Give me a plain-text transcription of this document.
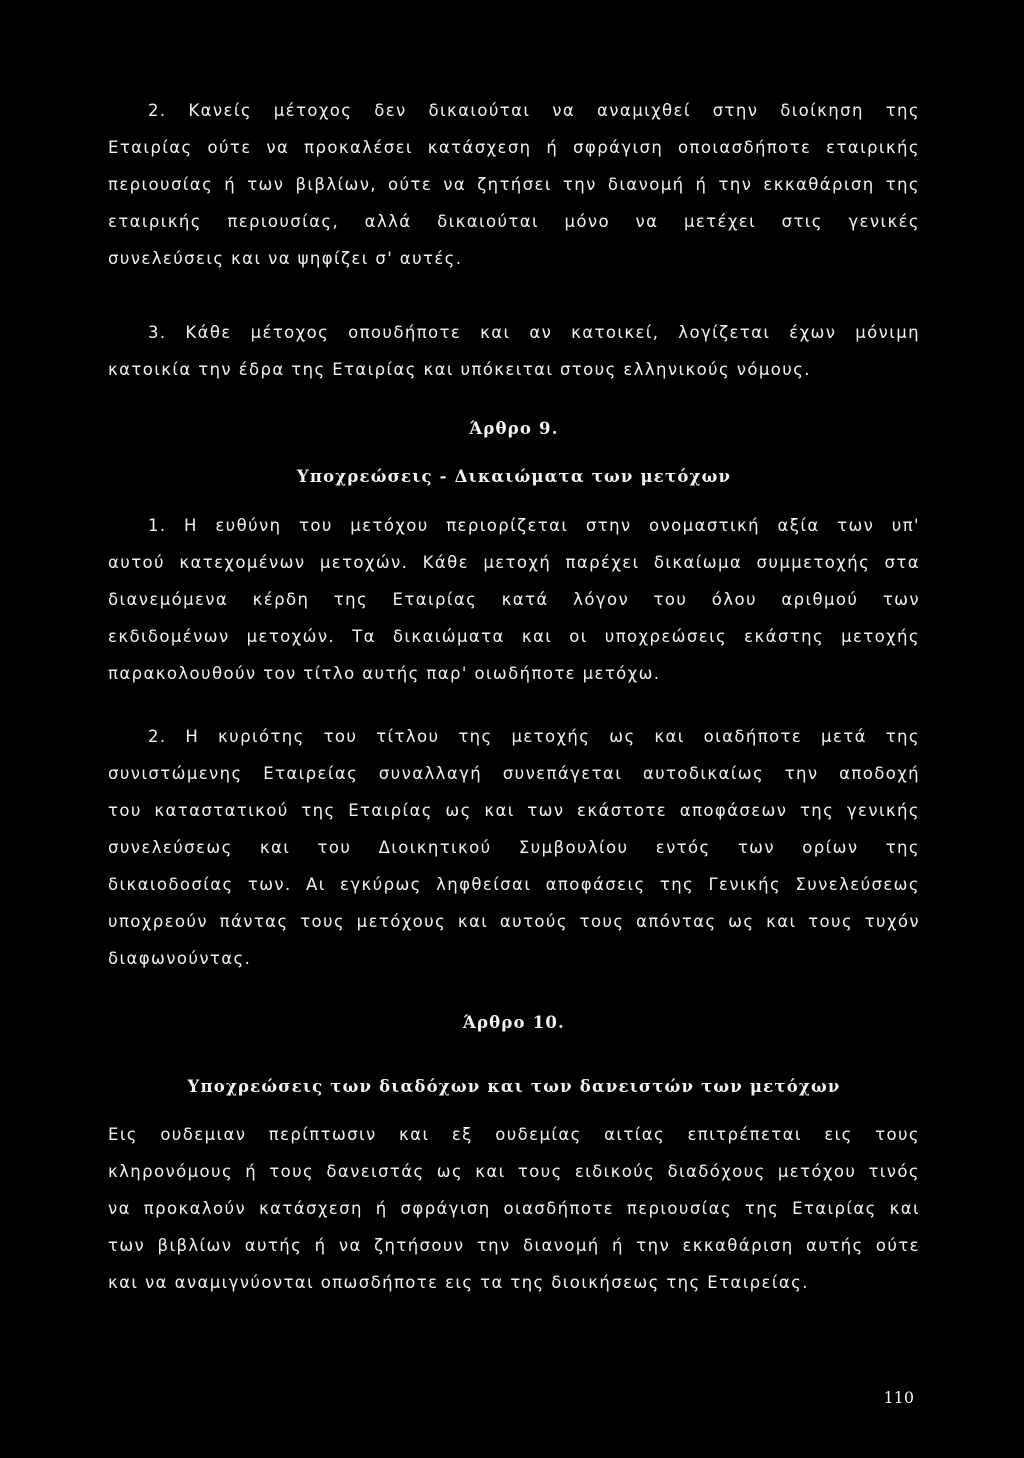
2. Κανείς μέτοχος δεν δικαιούται να αναμιχθεί στην διοίκηση της
Εταιρίας ούτε να προκαλέσει κατάσχεση ή σφράγιση οποιασδήποτε εταιρικής
περιουσίας ή των βιβλίων, ούτε να ζητήσει την διανομή ή την εκκαθάριση της
εταιρικής περιουσίας, αλλά δικαιούται μόνο να μετέχει στις γενικές
συνελεύσεις και να ψηφίζει σ' αυτές.
3. Κάθε μέτοχος οπουδήποτε και αν κατοικεί, λογίζεται έχων μόνιμη
κατοικία την έδρα της Εταιρίας και υπόκειται στους ελληνικούς νόμους.
Άρθρο 9.
Υποχρεώσεις - Δικαιώματα των μετόχων
1. Η ευθύνη του μετόχου περιορίζεται στην ονομαστική αξία των υπ'
αυτού κατεχομένων μετοχών. Κάθε μετοχή παρέχει δικαίωμα συμμετοχής στα
διανεμόμενα κέρδη της Εταιρίας κατά λόγον του όλου αριθμού των
εκδιδομένων μετοχών. Τα δικαιώματα και οι υποχρεώσεις εκάστης μετοχής
παρακολουθούν τον τίτλο αυτής παρ' οιωδήποτε μετόχω.
2. Η κυριότης του τίτλου της μετοχής ως και οιαδήποτε μετά της
συνιστώμενης Εταιρείας συναλλαγή συνεπάγεται αυτοδικαίως την αποδοχή
του καταστατικού της Εταιρίας ως και των εκάστοτε αποφάσεων της γενικής
συνελεύσεως και του Διοικητικού Συμβουλίου εντός των ορίων της
δικαιοδοσίας των. Αι εγκύρως ληφθείσαι αποφάσεις της Γενικής Συνελεύσεως
υποχρεούν πάντας τους μετόχους και αυτούς τους απόντας ως και τους τυχόν
διαφωνούντας.
Άρθρο 10.
Υποχρεώσεις των διαδόχων και των δανειστών των μετόχων
Εις ουδεμιαν περίπτωσιν και εξ ουδεμίας αιτίας επιτρέπεται εις τους
κληρονόμους ή τους δανειστάς ως και τους ειδικούς διαδόχους μετόχου τινός
να προκαλούν κατάσχεση ή σφράγιση οιασδήποτε περιουσίας της Εταιρίας και
των βιβλίων αυτής ή να ζητήσουν την διανομή ή την εκκαθάριση αυτής ούτε
και να αναμιγνύονται οπωσδήποτε εις τα της διοικήσεως της Εταιρείας.
110
